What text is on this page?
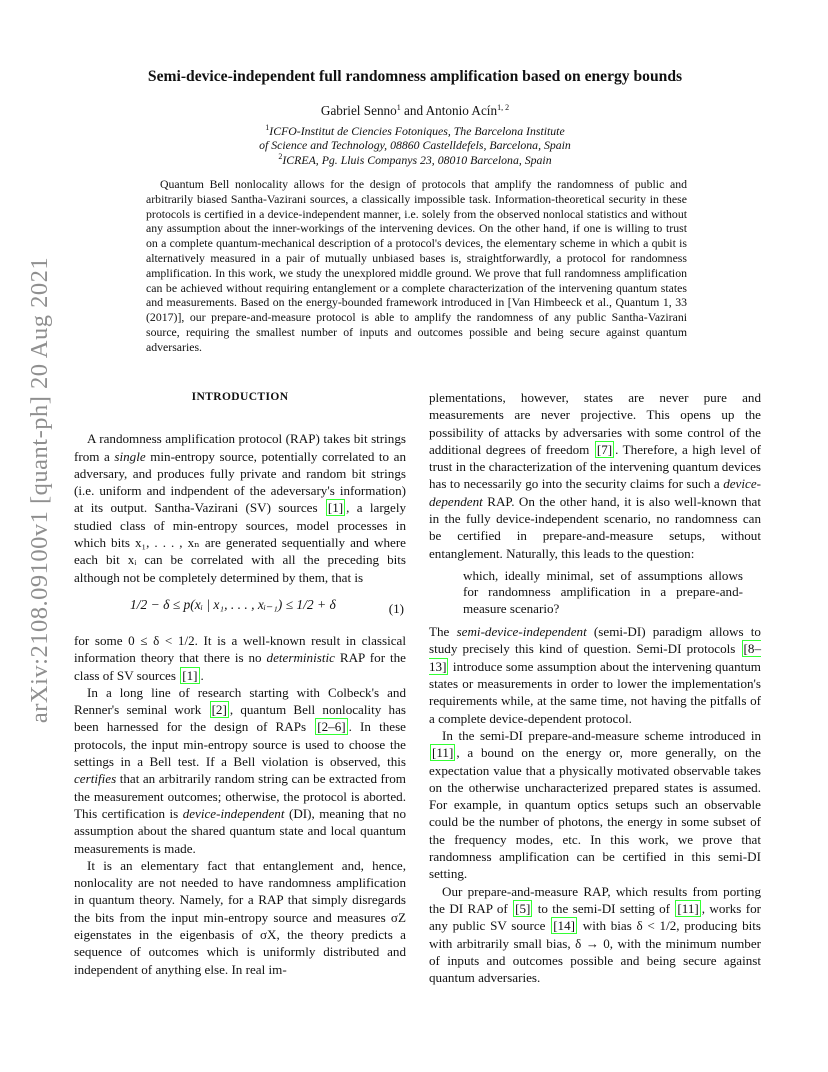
arXiv:2108.09100v1 [quant-ph] 20 Aug 2021
Semi-device-independent full randomness amplification based on energy bounds
Gabriel Senno$^1$ and Antonio Acín$^{1, 2}$
$^1$ICFO-Institut de Ciencies Fotoniques, The Barcelona Institute
of Science and Technology, 08860 Castelldefels, Barcelona, Spain
$^2$ICREA, Pg. Lluis Companys 23, 08010 Barcelona, Spain

Quantum Bell nonlocality allows for the design of protocols that amplify the randomness of public and arbitrarily biased Santha-Vazirani sources, a classically impossible task. Information-theoretical security in these protocols is certified in a device-independent manner, i.e. solely from the observed nonlocal statistics and without any assumption about the inner-workings of the intervening devices. On the other hand, if one is willing to trust on a complete quantum-mechanical description of a protocol's devices, the elementary scheme in which a qubit is alternatively measured in a pair of mutually unbiased bases is, straightforwardly, a protocol for randomness amplification. In this work, we study the unexplored middle ground. We prove that full randomness amplification can be achieved without requiring entanglement or a complete characterization of the intervening quantum states and measurements. Based on the energy-bounded framework introduced in [Van Himbeeck et al., Quantum 1, 33 (2017)], our prepare-and-measure protocol is able to amplify the randomness of any public Santha-Vazirani source, requiring the smallest number of inputs and outcomes possible and being secure against quantum adversaries.

INTRODUCTION

A randomness amplification protocol (RAP) takes bit strings from a single min-entropy source, potentially correlated to an adversary, and produces fully private and random bit strings (i.e. uniform and indpendent of the adeversary's information) at its output. Santha-Vazirani (SV) sources [1] , a largely studied class of min-entropy sources, model processes in which bits x₁, . . . , xₙ are generated sequentially and where each bit xᵢ can be correlated with all the preceding bits although not be completely determined by them, that is

1/2 − δ ≤ p(xᵢ | x₁, . . . , xᵢ₋₁) ≤ 1/2 + δ	(1)

for some 0 ≤ δ < 1/2. It is a well-known result in classical information theory that there is no deterministic RAP for the class of SV sources [1] .

In a long line of research starting with Colbeck's and Renner's seminal work [2] , quantum Bell nonlocality has been harnessed for the design of RAPs [2–6] . In these protocols, the input min-entropy source is used to choose the settings in a Bell test. If a Bell violation is observed, this certifies that an arbitrarily random string can be extracted from the measurement outcomes; otherwise, the protocol is aborted. This certification is device-independent (DI), meaning that no assumption about the shared quantum state and local quantum measurements is made.

It is an elementary fact that entanglement and, hence, nonlocality are not needed to have randomness amplification in quantum theory. Namely, for a RAP that simply disregards the bits from the input min-entropy source and measures σZ eigenstates in the eigenbasis of σX, the theory predicts a sequence of outcomes which is uniformly distributed and independent of anything else. In real im-

plementations, however, states are never pure and measurements are never projective. This opens up the possibility of attacks by adversaries with some control of the additional degrees of freedom [7] . Therefore, a high level of trust in the characterization of the intervening quantum devices has to necessarily go into the security claims for such a device-dependent RAP. On the other hand, it is also well-known that in the fully device-independent scenario, no randomness can be certified in prepare-and-measure setups, without entanglement. Naturally, this leads to the question:

which, ideally minimal, set of assumptions allows for randomness amplification in a prepare-and-measure scenario?

The semi-device-independent (semi-DI) paradigm allows to study precisely this kind of question. Semi-DI protocols [8–13] introduce some assumption about the intervening quantum states or measurements in order to lower the implementation's requirements while, at the same time, not having the pitfalls of a complete device-dependent protocol.

In the semi-DI prepare-and-measure scheme introduced in [11] , a bound on the energy or, more generally, on the expectation value that a physically motivated observable takes on the otherwise uncharacterized prepared states is assumed. For example, in quantum optics setups such an observable could be the number of photons, the energy in some subset of the frequency modes, etc. In this work, we prove that randomness amplification can be certified in this semi-DI setting.

Our prepare-and-measure RAP, which results from porting the DI RAP of [5] to the semi-DI setting of [11] , works for any public SV source [14] with bias δ < 1/2, producing bits with arbitrarily small bias, δ → 0, with the minimum number of inputs and outcomes possible and being secure against quantum adversaries.
